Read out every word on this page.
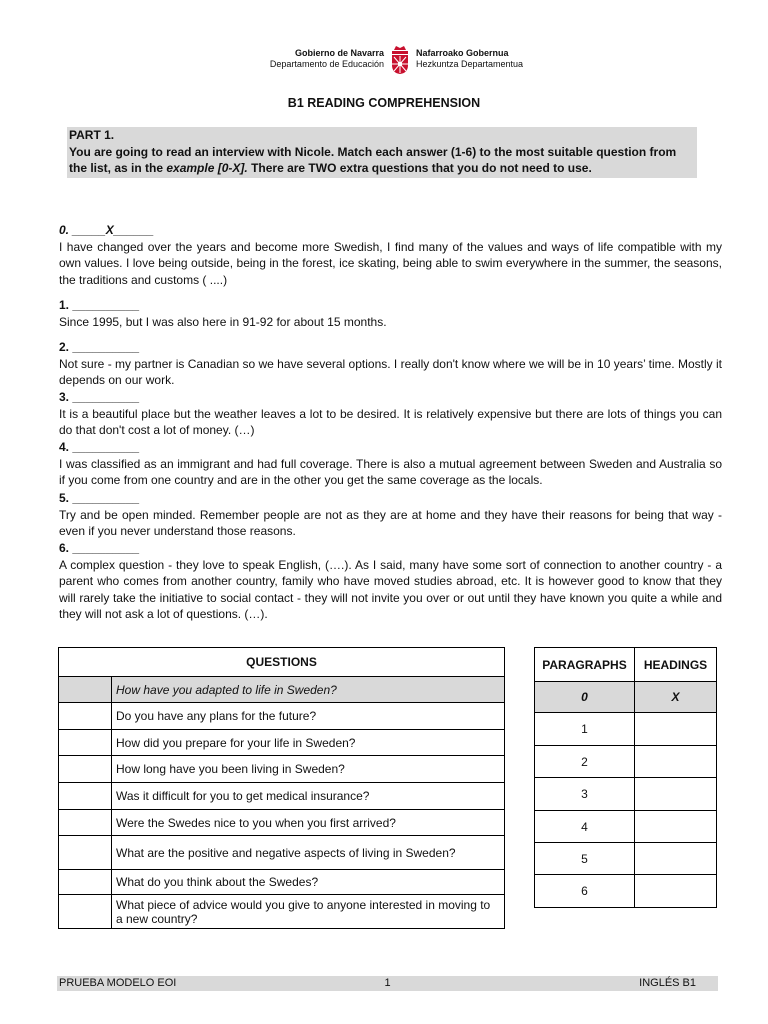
Gobierno de Navarra
Departamento de Educación
Nafarroako Gobernua
Hezkuntza Departamentua
B1 READING COMPREHENSION
PART 1.
You are going to read an interview with Nicole. Match each answer (1-6) to the most suitable question from the list, as in the example [0-X]. There are TWO extra questions that you do not need to use.
0. _____X______

I have changed over the years and become more Swedish, I find many of the values and ways of life compatible with my own values. I love being outside, being in the forest, ice skating, being able to swim everywhere in the summer, the seasons, the traditions and customs ( ....)

1. __________

Since 1995, but I was also here in 91-92 for about 15 months.

2. __________

Not sure - my partner is Canadian so we have several options. I really don't know where we will be in 10 years’ time. Mostly it depends on our work.

3. __________

It is a beautiful place but the weather leaves a lot to be desired. It is relatively expensive but there are lots of things you can do that don't cost a lot of money. (…)

4. __________

I was classified as an immigrant and had full coverage. There is also a mutual agreement between Sweden and Australia so if you come from one country and are in the other you get the same coverage as the locals.

5. __________

Try and be open minded. Remember people are not as they are at home and they have their reasons for being that way - even if you never understand those reasons.

6. __________

A complex question - they love to speak English, (….). As I said, many have some sort of connection to another country - a parent who comes from another country, family who have moved studies abroad, etc. It is however good to know that they will rarely take the initiative to social contact - they will not invite you over or out until they have known you quite a while and they will not ask a lot of questions. (…).

QUESTIONS	
	How have you adapted to life in Sweden?
	Do you have any plans for the future?
	How did you prepare for your life in Sweden?
	How long have you been living in Sweden?
	Was it difficult for you to get medical insurance?
	Were the Swedes nice to you when you first arrived?
	What are the positive and negative aspects of living in Sweden?
	What do you think about the Swedes?
	What piece of advice would you give to anyone interested in moving to a new country?
PARAGRAPHS	HEADINGS
0	X
1	
2	
3	
4	
5	
6	
PRUEBA MODELO EOI	1	INGLÉS B1
